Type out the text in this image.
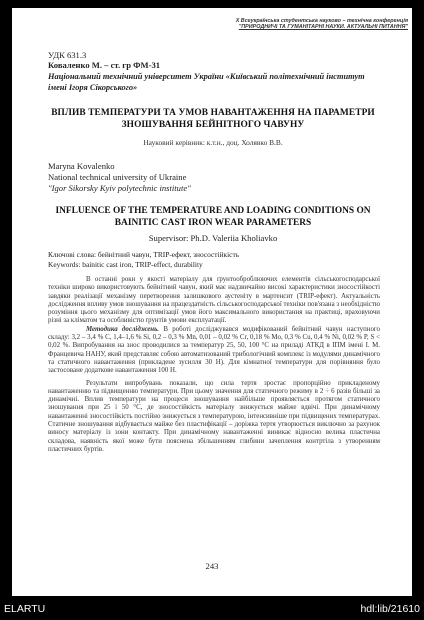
X Всеукраїнська студентська науково – технічна конференція
"ПРИРОДНИЧІ ТА ГУМАНІТАРНІ НАУКИ. АКТУАЛЬНІ ПИТАННЯ"
УДК 631.3
Коваленко М. – ст. гр ФМ-31
Національний технічний університет України «Київський політехнічний інститут імені Ігоря Сікорського»
ВПЛИВ ТЕМПЕРАТУРИ ТА УМОВ НАВАНТАЖЕННЯ НА ПАРАМЕТРИ ЗНОШУВАННЯ БЕЙНІТНОГО ЧАВУНУ
Науковий керівник: к.т.н., доц. Холявко В.В.
Maryna Kovalenko
National technical university of Ukraine
"Igor Sikorsky Kyiv polytechnic institute"
INFLUENCE OF THE TEMPERATURE AND LOADING CONDITIONS ON BAINITIC CAST IRON WEAR PARAMETERS
Supervisor: Ph.D. Valeriia Kholiavko
Ключові слова: бейнітний чавун, TRIP-ефект, зносостійкість
Keywords: bainitic cast iron, TRIP-effect, durability

В останні роки у якості матеріалу для ґрунтооброблюючих елементів сільськогосподарської техніки широко використовують бейнітний чавун, який має надзвичайно високі характеристики зносостійкості завдяки реалізації механізму перетворення залишкового аустеніту в мартенсит (TRIP-ефект). Актуальність дослідження впливу умов зношування на працездатність сільськогосподарської техніки пов'язана з необхідністю розуміння цього механізму для оптимізації умов його максимального використання на практиці, враховуючи різні за кліматом та особливістю ґрунтів умови експлуатації.

Методика досліджень. В роботі досліджувався модифікований бейнітний чавун наступного складу: 3,2 – 3,4 % C, 1,4–1,6 % Si, 0,2 – 0,3 % Mn, 0,01 – 0,02 % Cr, 0,18 % Mo, 0,3 % Cu, 0,4 % Ni, 0,02 % P, S < 0,02 %. Випробування на знос проводилися за температур 25, 50, 100 °С на приладі АТКД в ІПМ імені І. М. Францевича НАНУ, який представляє собою автоматизований трибологічний комплекс із модулями динамічного та статичного навантаження (прикладене зусилля 30 Н). Для кімнатної температури для порівняння було застосоване додаткове навантаження 100 Н.

Результати випробувань показали, що сила тертя зростає пропорційно прикладеному навантаженню та підвищенню температури. При цьому значення для статичного режиму в 2 ÷ 6 разів більші за динамічні. Вплив температури на процеси зношування найбільше проявляється протягом статичного зношування при 25 і 50 °С, де зносостійкість матеріалу знижується майже вдвічі. При динамічному навантаженні зносостійкість постійно знижується з температурою, інтенсивніше при підвищених температурах. Статичне зношування відбувається майже без пластифікації – доріжка тертя утворюється виключно за рахунок виносу матеріалу із зони контакту. При динамічному навантаженні виникає відносно велика пластична складова, наявність якої може бути пояснена збільшенням глибини зачеплення контртіла з утворенням пластичних буртів.

243
ELARTU	hdl:lib/21610
